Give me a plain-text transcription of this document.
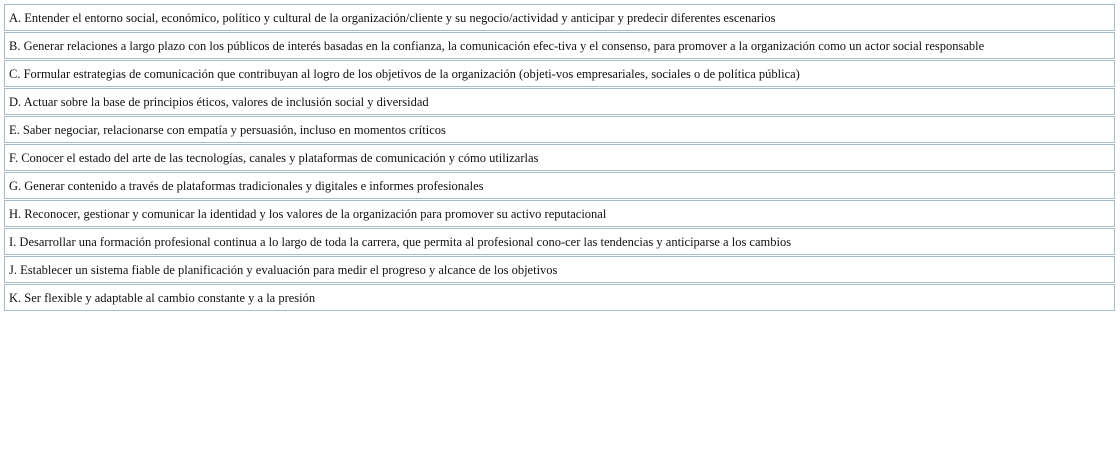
A. Entender el entorno social, económico, político y cultural de la organización/cliente y su negocio/actividad y anticipar y predecir diferentes escenarios
B. Generar relaciones a largo plazo con los públicos de interés basadas en la confianza, la comunicación efec-tiva y el consenso, para promover a la organización como un actor social responsable
C. Formular estrategias de comunicación que contribuyan al logro de los objetivos de la organización (objeti-vos empresariales, sociales o de política pública)
D. Actuar sobre la base de principios éticos, valores de inclusión social y diversidad
E. Saber negociar, relacionarse con empatía y persuasión, incluso en momentos críticos
F. Conocer el estado del arte de las tecnologías, canales y plataformas de comunicación y cómo utilizarlas
G. Generar contenido a través de plataformas tradicionales y digitales e informes profesionales
H. Reconocer, gestionar y comunicar la identidad y los valores de la organización para promover su activo reputacional
I. Desarrollar una formación profesional continua a lo largo de toda la carrera, que permita al profesional cono-cer las tendencias y anticiparse a los cambios
J. Establecer un sistema fiable de planificación y evaluación para medir el progreso y alcance de los objetivos
K. Ser flexible y adaptable al cambio constante y a la presión
